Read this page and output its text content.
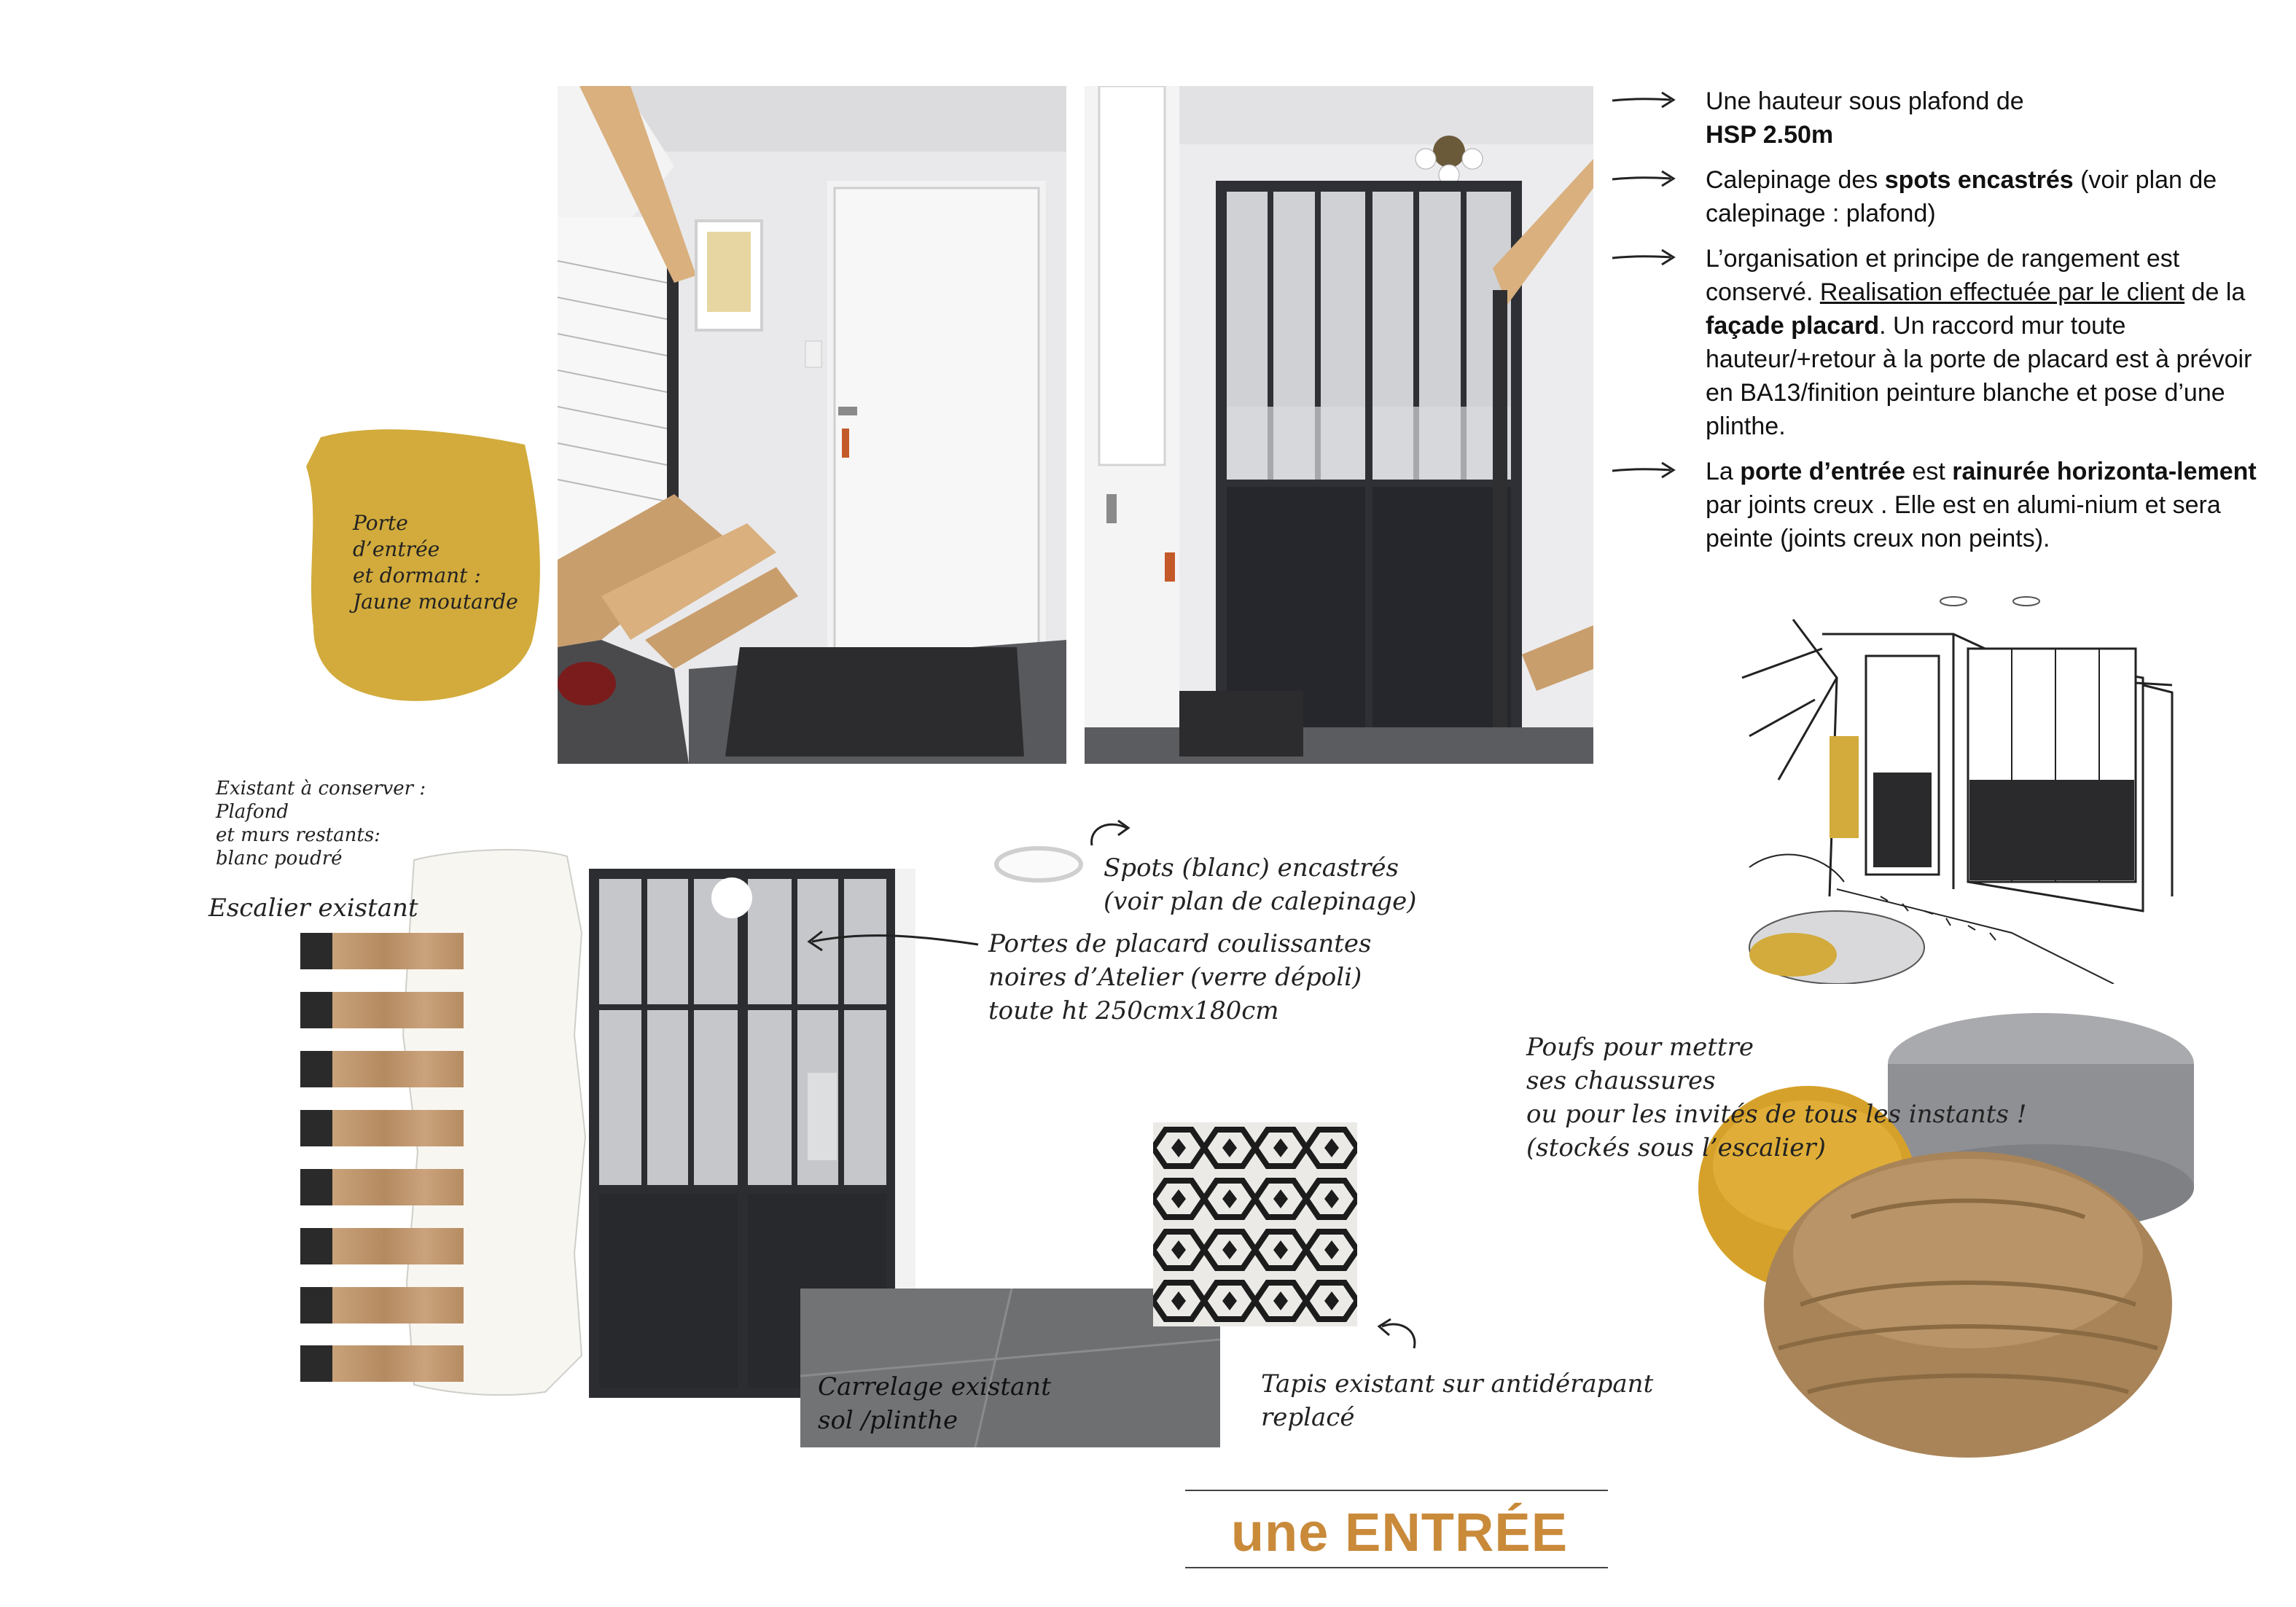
Une hauteur sous plafond de
HSP 2.50m
Calepinage des spots encastrés (voir plan de calepinage : plafond)
L’organisation et principe de rangement est conservé. Realisation effectuée par le client de la façade placard. Un raccord mur toute hauteur/+retour à la porte de placard est à prévoir en BA13/finition peinture blanche et pose d’une plinthe.
La porte d’entrée est rainurée horizonta-lement par joints creux . Elle est en alumi-nium et sera peinte (joints creux non peints).
Porte
d’entrée
et dormant :
Jaune moutarde
Existant à conserver :
Plafond
et murs restants:
blanc poudré
Escalier existant
Spots (blanc) encastrés
(voir plan de calepinage)
Portes de placard coulissantes
noires d’Atelier (verre dépoli)
toute ht 250cmx180cm
Carrelage existant
sol /plinthe
Tapis existant sur antidérapant
replacé
Poufs pour mettre
ses chaussures
ou pour les invités de tous les instants !
(stockés sous l’escalier)
une ENTRÉE
